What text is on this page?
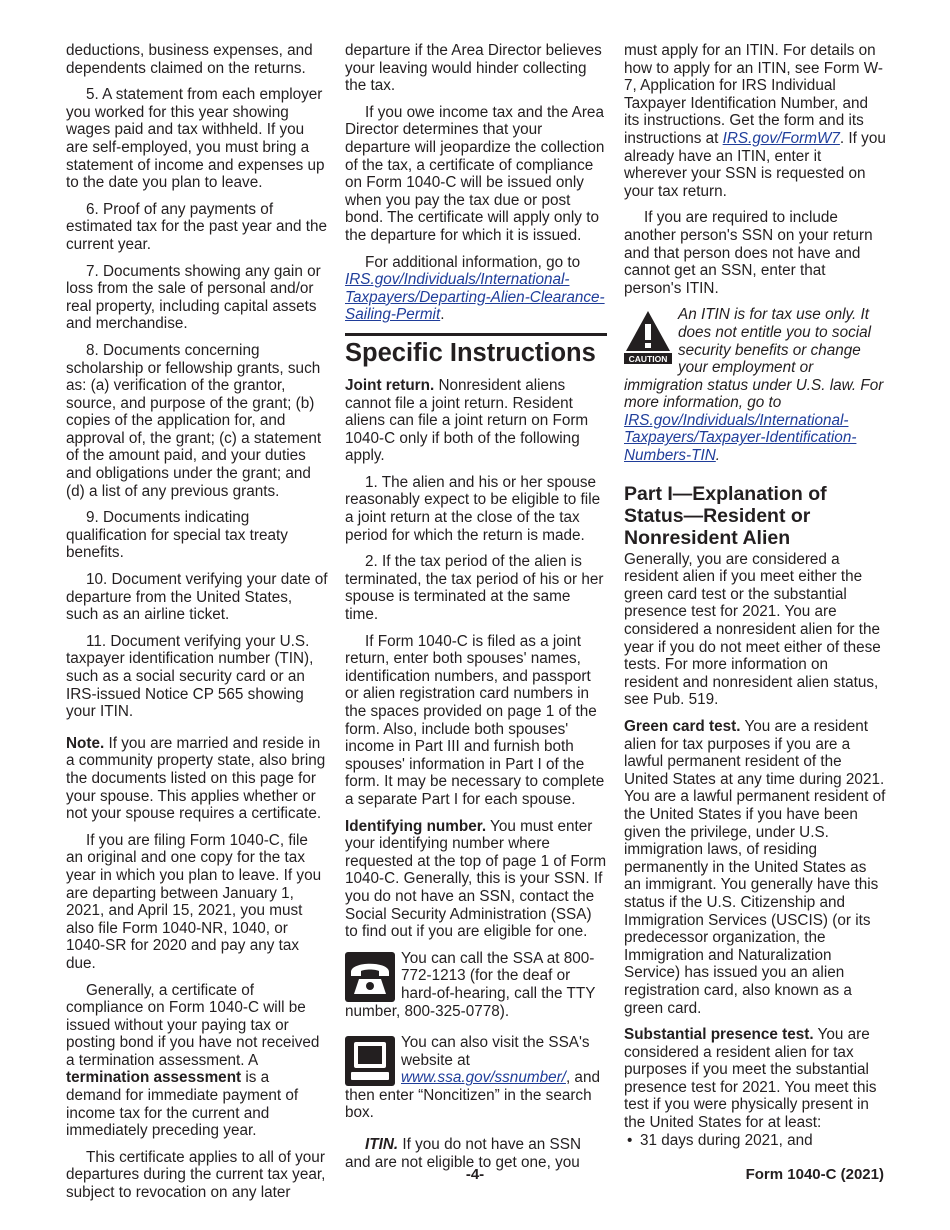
deductions, business expenses, and dependents claimed on the returns.

5. A statement from each employer you worked for this year showing wages paid and tax withheld. If you are self-employed, you must bring a statement of income and expenses up to the date you plan to leave.

6. Proof of any payments of estimated tax for the past year and the current year.

7. Documents showing any gain or loss from the sale of personal and/or real property, including capital assets and merchandise.

8. Documents concerning scholarship or fellowship grants, such as: (a) verification of the grantor, source, and purpose of the grant; (b) copies of the application for, and approval of, the grant; (c) a statement of the amount paid, and your duties and obligations under the grant; and (d) a list of any previous grants.

9. Documents indicating qualification for special tax treaty benefits.

10. Document verifying your date of departure from the United States, such as an airline ticket.

11. Document verifying your U.S. taxpayer identification number (TIN), such as a social security card or an IRS-issued Notice CP 565 showing your ITIN.

Note. If you are married and reside in a community property state, also bring the documents listed on this page for your spouse. This applies whether or not your spouse requires a certificate.

If you are filing Form 1040-C, file an original and one copy for the tax year in which you plan to leave. If you are departing between January 1, 2021, and April 15, 2021, you must also file Form 1040-NR, 1040, or 1040-SR for 2020 and pay any tax due.

Generally, a certificate of compliance on Form 1040-C will be issued without your paying tax or posting bond if you have not received a termination assessment. A termination assessment is a demand for immediate payment of income tax for the current and immediately preceding year.

This certificate applies to all of your departures during the current tax year, subject to revocation on any later

departure if the Area Director believes your leaving would hinder collecting the tax.

If you owe income tax and the Area Director determines that your departure will jeopardize the collection of the tax, a certificate of compliance on Form 1040-C will be issued only when you pay the tax due or post bond. The certificate will apply only to the departure for which it is issued.

For additional information, go to IRS.gov/Individuals/International-Taxpayers/Departing-Alien-Clearance-Sailing-Permit.

Specific Instructions

Joint return. Nonresident aliens cannot file a joint return. Resident aliens can file a joint return on Form 1040-C only if both of the following apply.

1. The alien and his or her spouse reasonably expect to be eligible to file a joint return at the close of the tax period for which the return is made.

2. If the tax period of the alien is terminated, the tax period of his or her spouse is terminated at the same time.

If Form 1040-C is filed as a joint return, enter both spouses' names, identification numbers, and passport or alien registration card numbers in the spaces provided on page 1 of the form. Also, include both spouses' income in Part III and furnish both spouses' information in Part I of the form. It may be necessary to complete a separate Part I for each spouse.

Identifying number. You must enter your identifying number where requested at the top of page 1 of Form 1040-C. Generally, this is your SSN. If you do not have an SSN, contact the Social Security Administration (SSA) to find out if you are eligible for one.

You can call the SSA at 800-772-1213 (for the deaf or hard-of-hearing, call the TTY number, 800-325-0778).
You can also visit the SSA's website at www.ssa.gov/ssnumber/, and then enter “Noncitizen” in the search box.

ITIN. If you do not have an SSN and are not eligible to get one, you

must apply for an ITIN. For details on how to apply for an ITIN, see Form W-7, Application for IRS Individual Taxpayer Identification Number, and its instructions. Get the form and its instructions at IRS.gov/FormW7. If you already have an ITIN, enter it wherever your SSN is requested on your tax return.

If you are required to include another person's SSN on your return and that person does not have and cannot get an SSN, enter that person's ITIN.

CAUTION
An ITIN is for tax use only. It does not entitle you to social security benefits or change your employment or immigration status under U.S. law. For more information, go to IRS.gov/Individuals/International-Taxpayers/Taxpayer-Identification-Numbers-TIN.
Part I—Explanation of Status—Resident or Nonresident Alien

Generally, you are considered a resident alien if you meet either the green card test or the substantial presence test for 2021. You are considered a nonresident alien for the year if you do not meet either of these tests. For more information on resident and nonresident alien status, see Pub. 519.

Green card test. You are a resident alien for tax purposes if you are a lawful permanent resident of the United States at any time during 2021. You are a lawful permanent resident of the United States if you have been given the privilege, under U.S. immigration laws, of residing permanently in the United States as an immigrant. You generally have this status if the U.S. Citizenship and Immigration Services (USCIS) (or its predecessor organization, the Immigration and Naturalization Service) has issued you an alien registration card, also known as a green card.

Substantial presence test. You are considered a resident alien for tax purposes if you meet the substantial presence test for 2021. You meet this test if you were physically present in the United States for at least:

• 31 days during 2021, and
-4-	Form 1040-C (2021)
